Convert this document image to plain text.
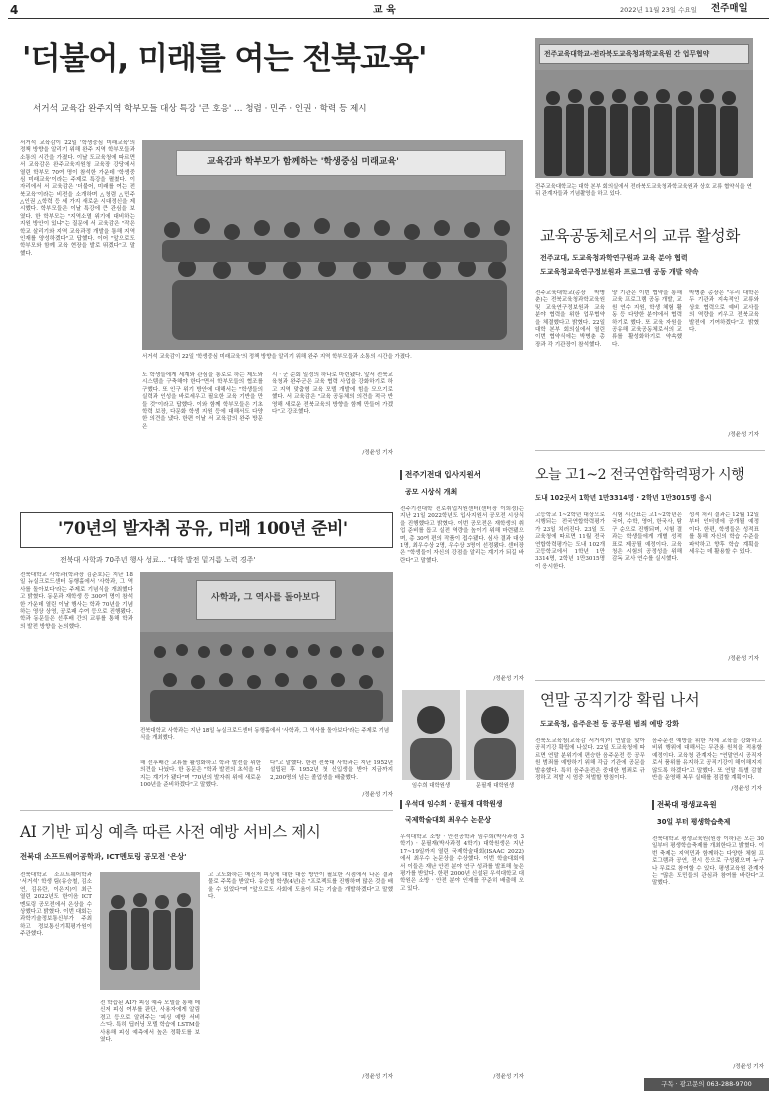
4	교 육	2022년 11월 23일 수요일 전주매일
'더불어, 미래를 여는 전북교육'
서거석 교육감 완주지역 학부모들 대상 특강 '큰 호응' … 청렴 · 민주 · 인권 · 학력 등 제시
서거석 교육감이 22일 '학생중심 미래교육'의 정책 방향을 알리기 위해 완주 지역 학부모들과 소통의 시간을 가졌다. 이날 도교육청에 따르면 서 교육감은 완주교육지원청 교육장 강당에서 열린 학부모 70여 명이 참석한 가운데 '학생중심 미래교육'이라는 주제로 특강을 펼쳤다. 이 자리에서 서 교육감은 '더불어, 미래를 여는 전북교육'이라는 비전을 소개하며 △청렴 △민주 △인권 △학력 등 세 가지 새로운 시대정신을 제시했다. 학부모들은 이날 특강에 큰 관심을 보였다. 한 학부모는 "지역소멸 위기에 대비하는 지원 방안이 있냐"는 질문에 서 교육감은 "작은 학교 살리기와 지역 교육과정 개발을 통해 지역 인재를 양성하겠다"고 답했다. 이어 "앞으로도 학부모와 함께 교육 현장을 발로 뛰겠다"고 말했다.
교육감과 학부모가 함께하는 '학생중심 미래교육'
서거석 교육감이 22일 '학생중심 미래교육'의 정책 방향을 알리기 위해 완주 지역 학부모들과 소통의 시간을 가졌다.
도 학생들에게 세계와 관심을 통로로 하는 제도와 시스템을 구축해야 한다"면서 학부모들의 협조를 구했다. 또 인구 위기 방안에 대해서는 "학생들의 실력과 인성을 바로세우고 필요한 교육 기반을 만들 것"이라고 답했다. 이와 함께 학부모들은 기초학력 보장, 다문화 학생 지원 등에 대해서도 다양한 의견을 냈다. 한편 이날 서 교육감의 완주 방문은
시 · 군 순회 일정의 하나로 마련됐다. 앞서 전북교육청과 완주군은 교육 협력 사업을 강화하기로 하고 지역 맞춤형 교육 모델 개발에 힘을 모으기로 했다. 서 교육감은 "교육 공동체의 의견을 적극 반영해 새로운 전북교육의 방향을 함께 만들어 가겠다"고 강조했다.
/정윤성 기자
'70년의 발자취 공유, 미래 100년 준비'
전북대 사학과 70주년 행사 성료… '대학 발전 밑거름 노력 경주'
전북대학교 사학과(학과장 김준호)는 지난 18일 뉴실크로드센터 동행홀에서 '사학과, 그 역사를 돌아보다'라는 주제로 기념식을 개최했다고 밝혔다. 동문과 재학생 등 300여 명이 참석한 가운데 열린 이날 행사는 학과 70년을 기념하는 영상 상영, 공로패 수여 등으로 진행됐다. 학과 동문들은 선후배 간의 교류를 통해 학과의 발전 방향을 논의했다.
사학과, 그 역사를 돌아보다
전북대학교 사학과는 지난 18일 뉴실크로드센터 동행홀에서 '사학과, 그 역사를 돌아보다'라는 주제로 기념식을 개최했다.
해 선후배간 교류를 활성화하고 학과 발전을 위한 의견을 나눴다. 한 동문은 "학과 발전의 초석을 다지는 계기가 됐다"며 "70년의 발자취 위에 새로운 100년을 준비하겠다"고 말했다.
다"고 말했다. 한편 전북대 사학과는 지난 1952년 설립된 후 1952년 첫 신입생을 받아 지금까지 2,200명의 넘는 졸업생을 배출했다.
/정윤성 기자
AI 기반 피싱 예측 따른 사전 예방 서비스 제시
전북대 소프트웨어공학과, ICT멘토링 공모전 '은상'
전북대학교 소프트웨어학과 '서거석' 학생 팀(유승철, 김소연, 김유란, 이은지)이 최근 열린 2022년도 한이음 ICT멘토링 공모전에서 은상을 수상했다고 밝혔다. 이번 대회는 과학기술정보통신부가 주최하고 정보통신기획평가원이 주관했다.
전 학습된 AI가 피싱 예측 모델을 통해 메신저 피싱 여부를 판단, 사용자에게 알림 경고 등으로 알려주는 '피싱 예방 서비스'다. 특히 딥러닝 모델 학습에 LSTM을 사용해 피싱 예측에서 높은 정확도를 보였다.
고 고도화하는 메신저 피싱에 대한 대응 방안이 필요한 시점에서 나온 결과물로 주목을 받았다. 유승철 학생(4년)은 "프로젝트를 진행하며 많은 것을 배울 수 있었다"며 "앞으로도 사회에 도움이 되는 기술을 개발하겠다"고 말했다.
/정윤성 기자
전주기전대 입사지원서
공모 시상식 개최
전주기전대학 진로취업지원센터(센터장 이희정)는 지난 21일 2022학년도 입사지원서 공모전 시상식을 진행했다고 밝혔다. 이번 공모전은 재학생의 취업 준비를 돕고 실전 역량을 높이기 위해 마련됐으며, 총 30여 편의 작품이 접수됐다. 심사 결과 대상 1명, 최우수상 2명, 우수상 3명이 선정됐다. 센터장은 "학생들이 자신의 강점을 알리는 계기가 되길 바란다"고 말했다.
/정윤성 기자
임수희 대학원생	문필재 대학원생
우석대 임수희 · 문필재 대학원생
국제학술대회 최우수 논문상
우석대학교 소방 · 안전공학과 임수희(박사과정 3학기) · 문필재(박사과정 4학기) 대학원생은 지난 17~19일까지 열린 국제학술대회(ISAAC 2022)에서 최우수 논문상을 수상했다. 이번 학술대회에서 이들은 재난 안전 분야 연구 성과를 발표해 높은 평가를 받았다. 한편 2000년 신설된 우석대학교 대학원은 소방 · 안전 분야 인재를 꾸준히 배출해 오고 있다.
/정윤성 기자
전주교육대학교-전라북도교육청과학교육원 간 업무협약
전주교육대학교는 대학 본부 회의실에서 전라북도교육청과학교육원과 상호 교류 협약식을 연 뒤 관계자들과 기념촬영을 하고 있다.
교육공동체로서의 교류 활성화
전주교대, 도교육청과학연구원과 교육 분야 협력
도교육청교육연구정보원과 프로그램 공동 개발 약속
전주교육대학교(총장 박병춘)는 전북교육청과학교육원 및 교육연구정보원과 교육 분야 협력을 위한 업무협약을 체결했다고 밝혔다. 22일 대학 본부 회의실에서 열린 이번 협약식에는 박병춘 총장과 각 기관장이 참석했다.
양 기관은 이번 협약을 통해 교육 프로그램 공동 개발, 교원 연수 지원, 학생 체험 활동 등 다양한 분야에서 협력하기로 했다. 또 교육 자원을 공유해 교육공동체로서의 교류를 활성화하기로 약속했다.
박병춘 총장은 "우리 대학은 두 기관과 지속적인 교류와 상호 협력으로 예비 교사들의 역량을 키우고 전북교육 발전에 기여하겠다"고 밝혔다.
/정윤성 기자
오늘 고1~2 전국연합학력평가 시행
도내 102곳서 1학년 1만3314명 · 2학년 1만3015명 응시
고등학교 1~2학년 대상으로 시행되는 전국연합학력평가가 23일 치러진다. 23일 도교육청에 따르면 11월 전국연합학력평가는 도내 102개 고등학교에서 1학년 1만3314명, 2학년 1만3015명이 응시한다.
시험 시간표는 고1~2학년은 국어, 수학, 영어, 한국사, 탐구 순으로 진행되며, 시험 결과는 학생들에게 개별 성적표로 제공될 예정이다. 교육청은 시험의 공정성을 위해 감독 교사 연수를 실시했다.
성적 처리 결과는 12월 12일부터 인터넷에 공개될 예정이다. 한편, 학생들은 성적표를 통해 자신의 학습 수준을 파악하고 향후 학습 계획을 세우는 데 활용할 수 있다.
/정윤성 기자
연말 공직기강 확립 나서
도교육청, 음주운전 등 공무원 범죄 예방 강화
전북도교육청(교육감 서거석)이 연말을 맞아 공직기강 확립에 나섰다. 22일 도교육청에 따르면 연말 분위기에 편승한 음주운전 등 공무원 범죄를 예방하기 위해 각급 기관에 공문을 발송했다. 특히 음주운전은 중대한 범죄로 규정하고 적발 시 엄중 처벌할 방침이다.
음주운전 예방을 위한 자체 교육을 강화하고 비위 행위에 대해서는 무관용 원칙을 적용할 예정이다. 교육청 관계자는 "연말연시 공직자로서 품위를 유지하고 공직기강이 해이해지지 않도록 하겠다"고 말했다. 또 연말 특별 감찰반을 운영해 복무 실태를 점검할 계획이다.
/정윤성 기자
전북대 평생교육원
30일 부터 평생학습축제
전북대학교 평생교육원(원장 이하)은 오는 30일부터 평생학습축제를 개최한다고 밝혔다. 이번 축제는 지역민과 함께하는 다양한 체험 프로그램과 공연, 전시 등으로 구성됐으며 누구나 무료로 참여할 수 있다. 평생교육원 관계자는 "많은 도민들의 관심과 참여를 바란다"고 말했다.
/정윤성 기자
구독 · 광고문의 063-288-9700
